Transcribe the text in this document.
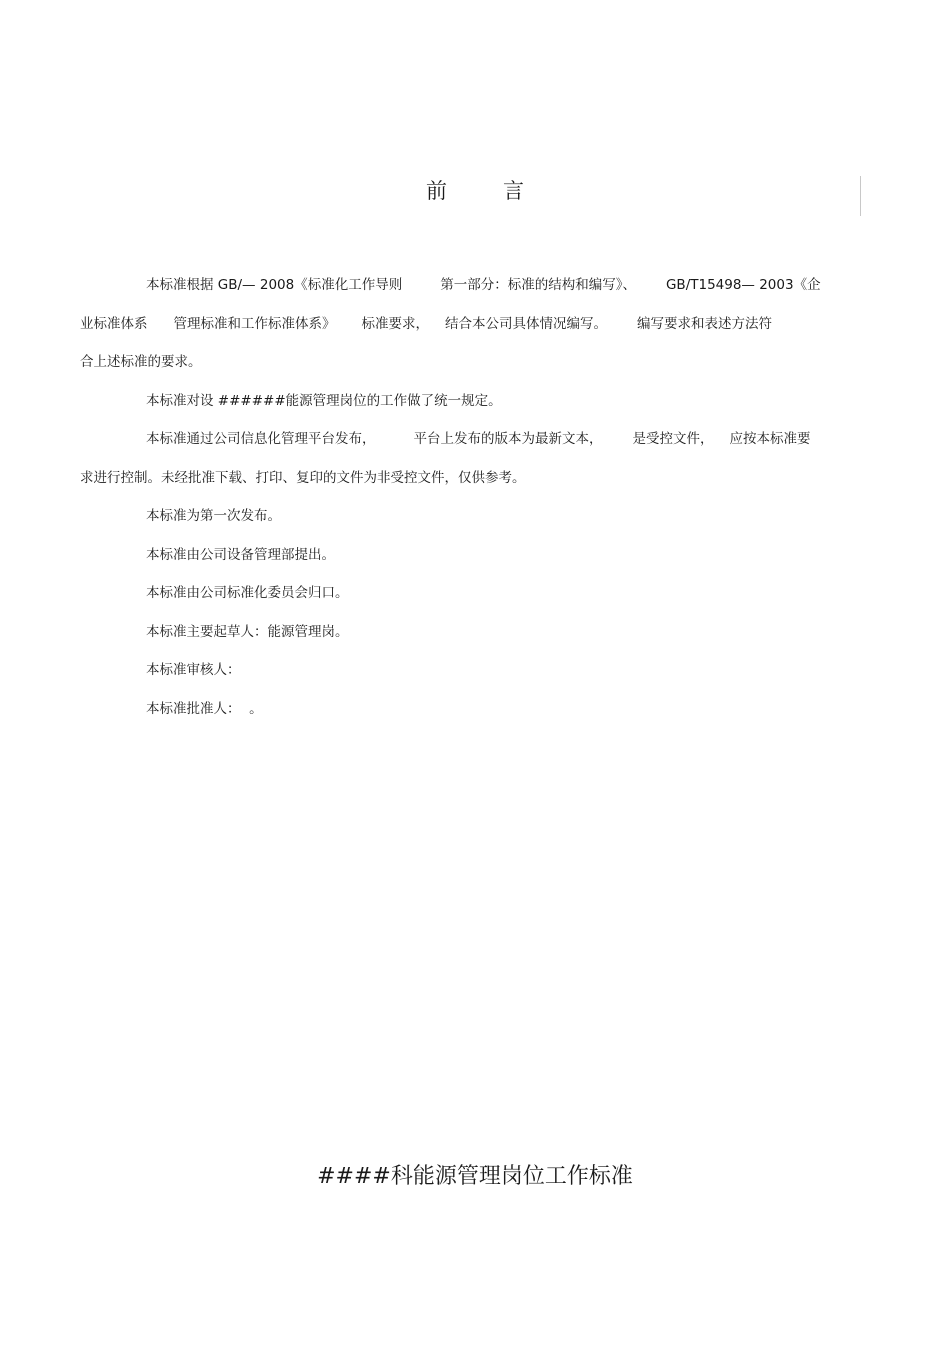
前	言

本标准根据 GB/— 2008《标准化工作导则	第一部分：标准的结构和编写》、 GB/T15498— 2003《企
业标准体系 管理标准和工作标准体系》 标准要求， 结合本公司具体情况编写。 编写要求和表述方法符
合上述标准的要求。

本标准对设 ######能源管理岗位的工作做了统一规定。

本标准通过公司信息化管理平台发布，	平台上发布的版本为最新文本， 是受控文件， 应按本标准要
求进行控制。未经批准下载、打印、复印的文件为非受控文件，仅供参考。

本标准为第一次发布。

本标准由公司设备管理部提出。

本标准由公司标准化委员会归口。

本标准主要起草人：能源管理岗。

本标准审核人：

本标准批准人：  。

####科能源管理岗位工作标准
